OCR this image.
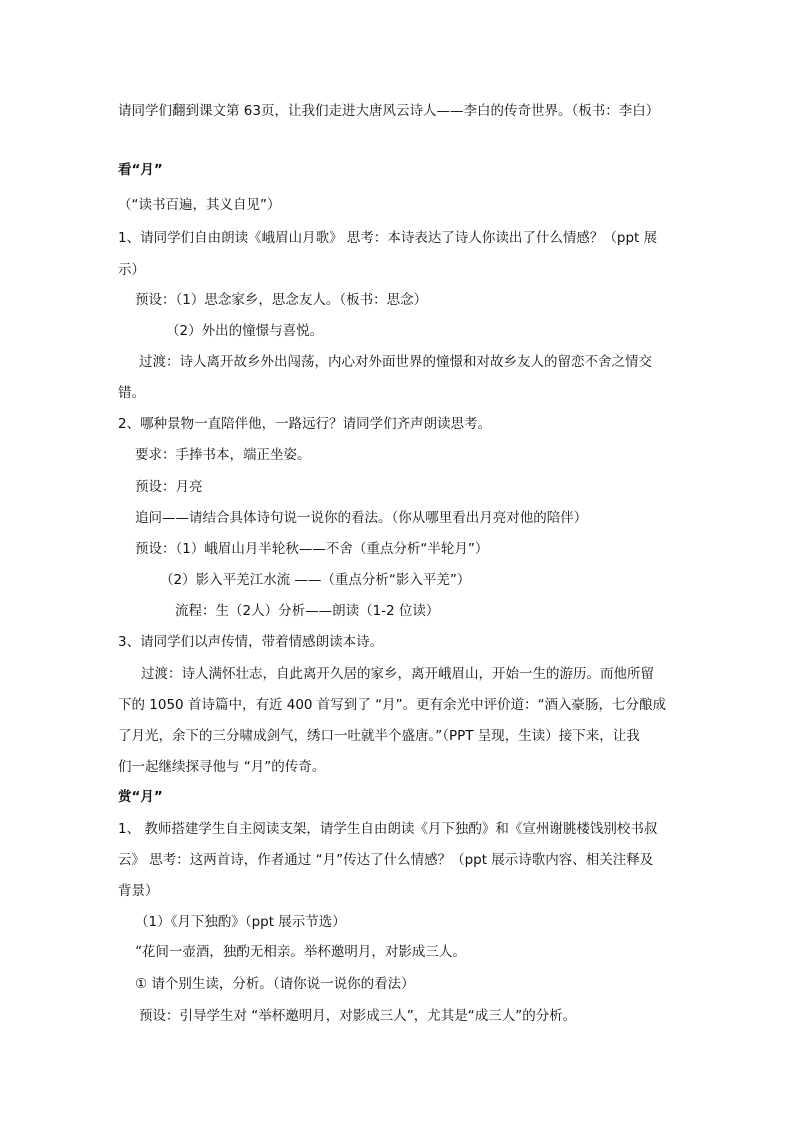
请同学们翻到课文第 63页，让我们走进大唐风云诗人——李白的传奇世界。（板书：李白）
看“月”
（“读书百遍，其义自见”）
1、请同学们自由朗读《峨眉山月歌》 思考：本诗表达了诗人你读出了什么情感？（ppt 展
示）
预设：（1）思念家乡，思念友人。（板书：思念）
（2）外出的憧憬与喜悦。
过渡：诗人离开故乡外出闯荡，内心对外面世界的憧憬和对故乡友人的留恋不舍之情交
错。
2、哪种景物一直陪伴他，一路远行？请同学们齐声朗读思考。
要求：手捧书本，端正坐姿。
预设：月亮
追问——请结合具体诗句说一说你的看法。（你从哪里看出月亮对他的陪伴）
预设：（1）峨眉山月半轮秋——不舍（重点分析“半轮月”）
（2）影入平羌江水流 ——（重点分析“影入平羌”）
流程：生（2人）分析——朗读（1-2 位读）
3、请同学们以声传情，带着情感朗读本诗。
过渡：诗人满怀壮志，自此离开久居的家乡，离开峨眉山，开始一生的游历。而他所留
下的 1050 首诗篇中，有近 400 首写到了 “月”。更有余光中评价道：“酒入豪肠，七分酿成
了月光，余下的三分啸成剑气，绣口一吐就半个盛唐。”（PPT 呈现，生读）接下来，让我
们一起继续探寻他与 “月”的传奇。
赏“月”
1、 教师搭建学生自主阅读支架，请学生自由朗读《月下独酌》和《宣州谢朓楼饯别校书叔
云》 思考：这两首诗，作者通过 “月”传达了什么情感？（ppt 展示诗歌内容、相关注释及
背景）
（1）《月下独酌》（ppt 展示节选）
“花间一壶酒，独酌无相亲。举杯邀明月，对影成三人。
① 请个别生读，分析。（请你说一说你的看法）
预设：引导学生对 “举杯邀明月，对影成三人”，尤其是“成三人”的分析。
